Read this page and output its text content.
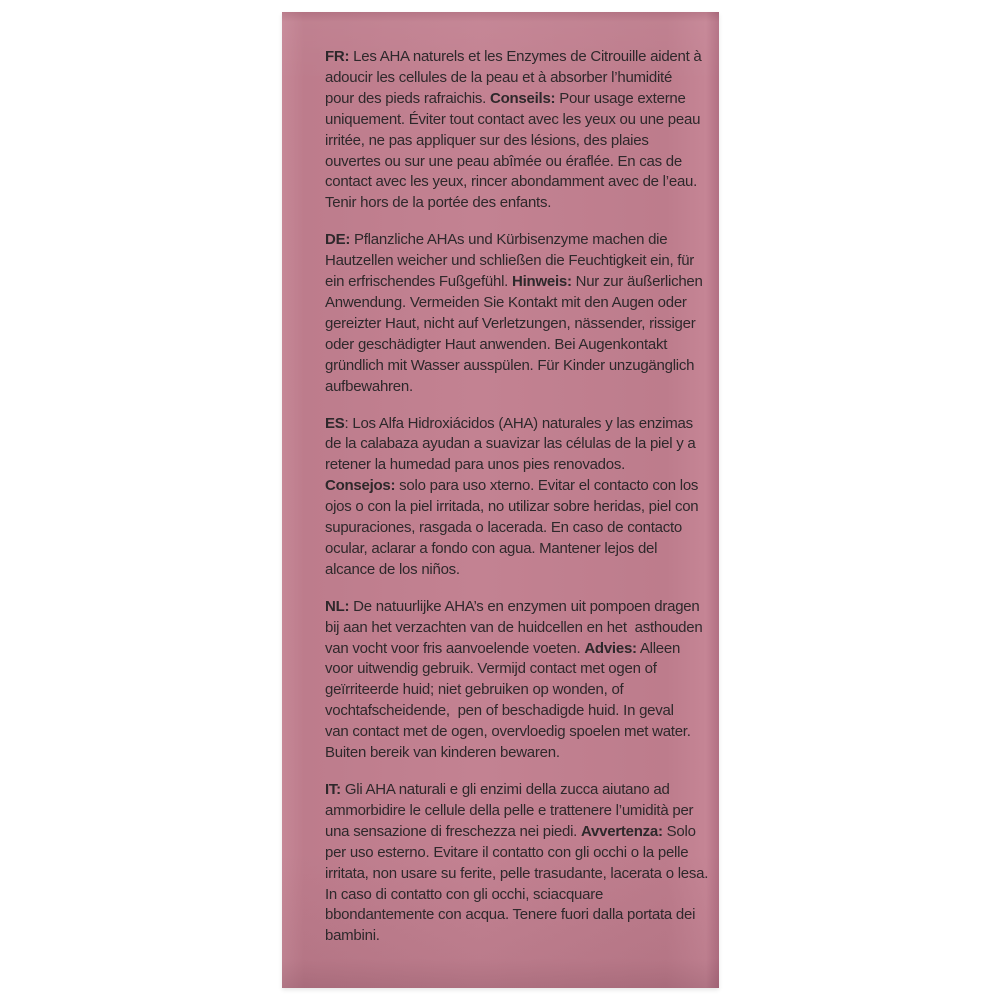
FR: Les AHA naturels et les Enzymes de Citrouille aident à
adoucir les cellules de la peau et à absorber l’humidité
pour des pieds rafraichis. Conseils: Pour usage externe
uniquement. Éviter tout contact avec les yeux ou une peau
irritée, ne pas appliquer sur des lésions, des plaies
ouvertes ou sur une peau abîmée ou éraflée. En cas de
contact avec les yeux, rincer abondamment avec de l’eau.
Tenir hors de la portée des enfants.
DE: Pflanzliche AHAs und Kürbisenzyme machen die
Hautzellen weicher und schließen die Feuchtigkeit ein, für
ein erfrischendes Fußgefühl. Hinweis: Nur zur äußerlichen
Anwendung. Vermeiden Sie Kontakt mit den Augen oder
gereizter Haut, nicht auf Verletzungen, nässender, rissiger
oder geschädigter Haut anwenden. Bei Augenkontakt
gründlich mit Wasser ausspülen. Für Kinder unzugänglich
aufbewahren.
ES: Los Alfa Hidroxiácidos (AHA) naturales y las enzimas
de la calabaza ayudan a suavizar las células de la piel y a
retener la humedad para unos pies renovados.
Consejos: solo para uso xterno. Evitar el contacto con los
ojos o con la piel irritada, no utilizar sobre heridas, piel con
supuraciones, rasgada o lacerada. En caso de contacto
ocular, aclarar a fondo con agua. Mantener lejos del
alcance de los niños.
NL: De natuurlijke AHA’s en enzymen uit pompoen dragen
bij aan het verzachten van de huidcellen en het  asthouden
van vocht voor fris aanvoelende voeten. Advies: Alleen
voor uitwendig gebruik. Vermijd contact met ogen of
geïrriteerde huid; niet gebruiken op wonden, of
vochtafscheidende,  pen of beschadigde huid. In geval
van contact met de ogen, overvloedig spoelen met water.
Buiten bereik van kinderen bewaren.
IT: Gli AHA naturali e gli enzimi della zucca aiutano ad
ammorbidire le cellule della pelle e trattenere l’umidità per
una sensazione di freschezza nei piedi. Avvertenza: Solo
per uso esterno. Evitare il contatto con gli occhi o la pelle
irritata, non usare su ferite, pelle trasudante, lacerata o lesa.
In caso di contatto con gli occhi, sciacquare
bbondantemente con acqua. Tenere fuori dalla portata dei
bambini.
